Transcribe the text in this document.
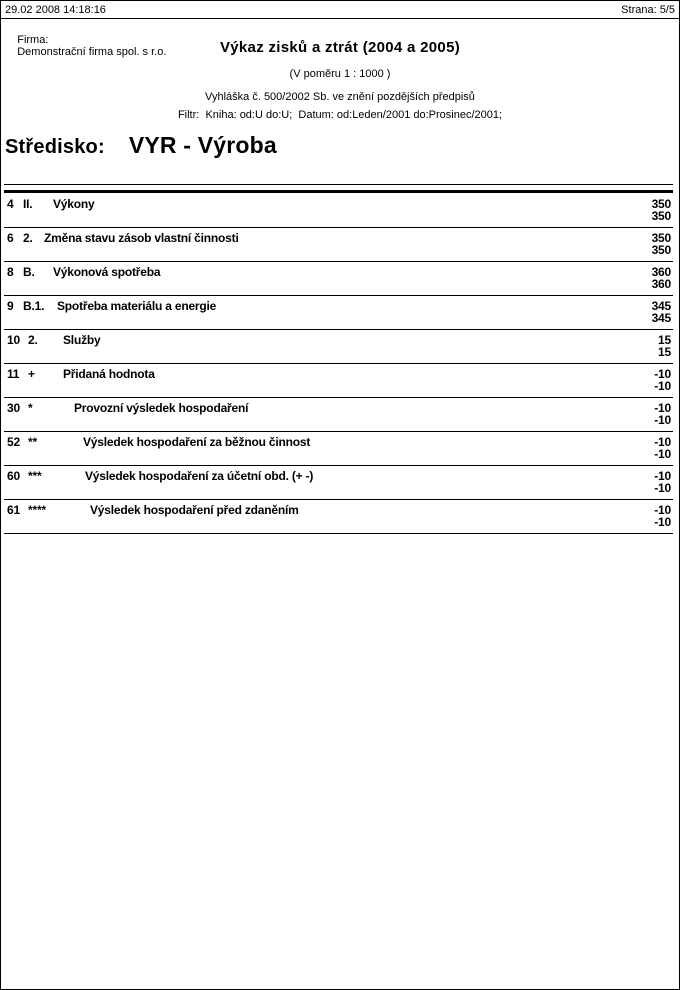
29.02 2008 14:18:16	Strana: 5/5

Firma:
Demonstrační firma spol. s r.o.
	Výkaz zisků a ztrát (2004 a 2005)
(V poměru 1 : 1000 )
Vyhláška č. 500/2002 Sb. ve znění pozdějších předpisů
Filtr:  Kniha: od:U do:U;  Datum: od:Leden/2001 do:Prosinec/2001;
Středisko: VYR - Výroba
4 II. Výkony	350
350
6 2. Změna stavu zásob vlastní činnosti	350
350
8 B. Výkonová spotřeba	360
360
9 B.1. Spotřeba materiálu a energie	345
345
10 2. Služby	15
15
11 + Přidaná hodnota	-10
-10
30 *	Provozní výsledek hospodaření	-10
-10
52 **	Výsledek hospodaření za běžnou činnost	-10
-10
60 ***	Výsledek hospodaření za účetní obd. (+ -)	-10
-10
61 ****	Výsledek hospodaření před zdaněním	-10
-10
